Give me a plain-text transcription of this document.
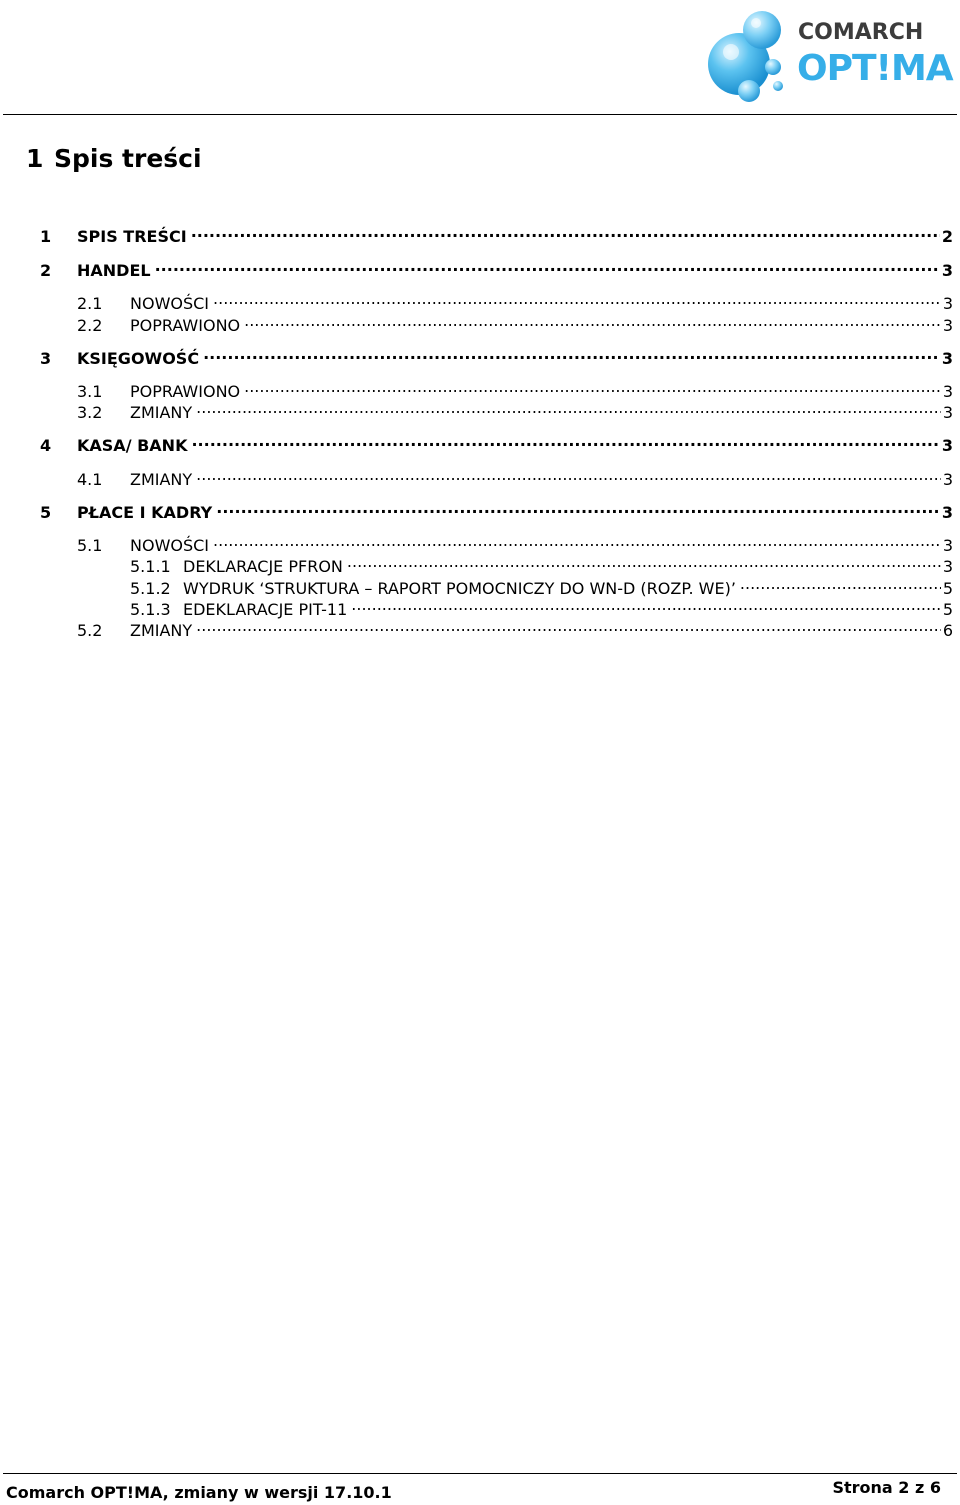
COMARCH
OPT!MA
1 Spis treści
1	SPIS TREŚCI .....	2
2	HANDEL .....	3
2.1	NOWOŚCI .....	3
2.2	POPRAWIONO .....	3
3	KSIĘGOWOŚĆ .....	3
3.1	POPRAWIONO .....	3
3.2	ZMIANY .....	3
4	KASA/ BANK .....	3
4.1	ZMIANY .....	3
5	PŁACE I KADRY .....	3
5.1	NOWOŚCI .....	3
5.1.1 DEKLARACJE PFRON .....	3
5.1.2 WYDRUK ‘STRUKTURA – RAPORT POMOCNICZY DO WN-D (ROZP. WE)’ .....	5
5.1.3 EDEKLARACJE PIT-11 .....	5
5.2	ZMIANY .....	6
Comarch OPT!MA, zmiany w wersji 17.10.1	Strona 2 z 6
